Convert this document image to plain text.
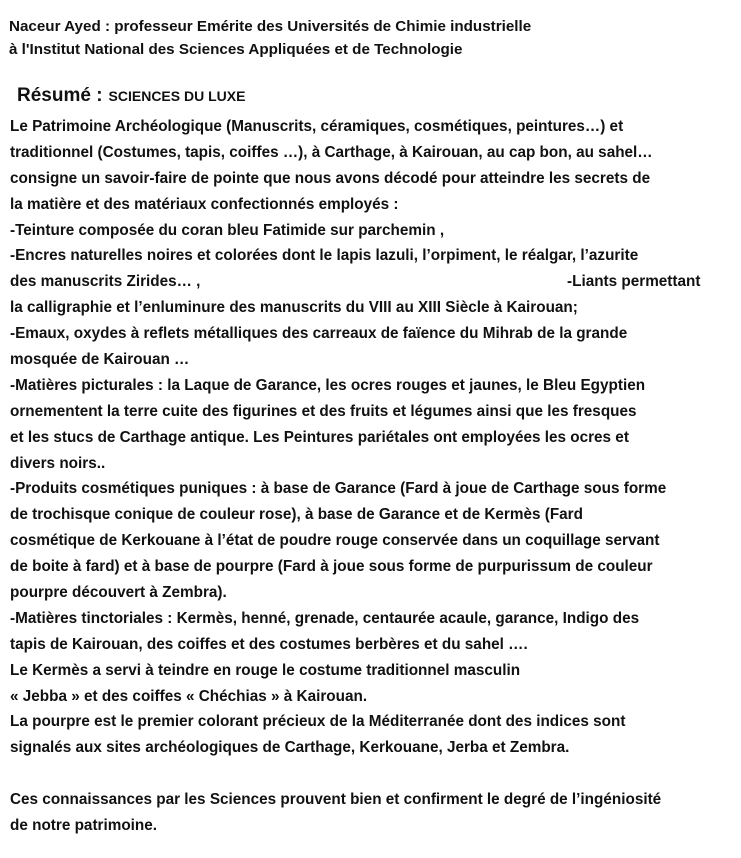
Naceur Ayed : professeur Emérite des Universités de Chimie industrielle
à l'Institut National des Sciences Appliquées et de Technologie
Résumé : SCIENCES DU LUXE
Le Patrimoine Archéologique (Manuscrits, céramiques, cosmétiques, peintures…) et
traditionnel (Costumes, tapis, coiffes …), à Carthage, à Kairouan, au cap bon, au sahel…
consigne un savoir-faire de pointe que nous avons décodé pour atteindre les secrets de
la matière et des matériaux confectionnés employés :
-Teinture composée du coran bleu Fatimide sur parchemin ,
-Encres naturelles noires et colorées dont le lapis lazuli, l’orpiment, le réalgar, l’azurite
des manuscrits Zirides… ,	-Liants permettant
la calligraphie et l’enluminure des manuscrits du VIII au XIII Siècle à Kairouan;
-Emaux, oxydes à reflets métalliques des carreaux de faïence du Mihrab de la grande
mosquée de Kairouan …
-Matières picturales : la Laque de Garance, les ocres rouges et jaunes, le Bleu Egyptien
ornementent la terre cuite des figurines et des fruits et légumes ainsi que les fresques
et les stucs de Carthage antique. Les Peintures pariétales ont employées les ocres et
divers noirs..
-Produits cosmétiques puniques : à base de Garance (Fard à joue de Carthage sous forme
de trochisque conique de couleur rose), à base de Garance et de Kermès (Fard
cosmétique de Kerkouane à l’état de poudre rouge conservée dans un coquillage servant
de boite à fard) et à base de pourpre (Fard à joue sous forme de purpurissum de couleur
pourpre découvert à Zembra).
-Matières tinctoriales : Kermès, henné, grenade, centaurée acaule, garance, Indigo des
tapis de Kairouan, des coiffes et des costumes berbères et du sahel ….
Le Kermès a servi à teindre en rouge le costume traditionnel masculin
« Jebba » et des coiffes « Chéchias » à Kairouan.
La pourpre est le premier colorant précieux de la Méditerranée dont des indices sont
signalés aux sites archéologiques de Carthage, Kerkouane, Jerba et Zembra.
Ces connaissances par les Sciences prouvent bien et confirment le degré de l’ingéniosité
de notre patrimoine.
